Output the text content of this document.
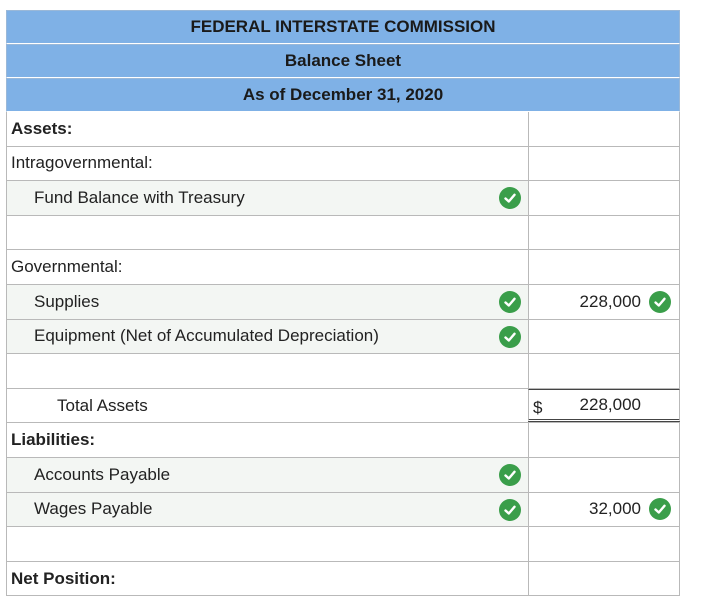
FEDERAL INTERSTATE COMMISSION
Balance Sheet
As of December 31, 2020
Assets:
Intragovernmental:
Fund Balance with Treasury
Governmental:
Supplies	228,000
Equipment (Net of Accumulated Depreciation)
Total Assets	$ 228,000
Liabilities:
Accounts Payable
Wages Payable	32,000
Net Position:
